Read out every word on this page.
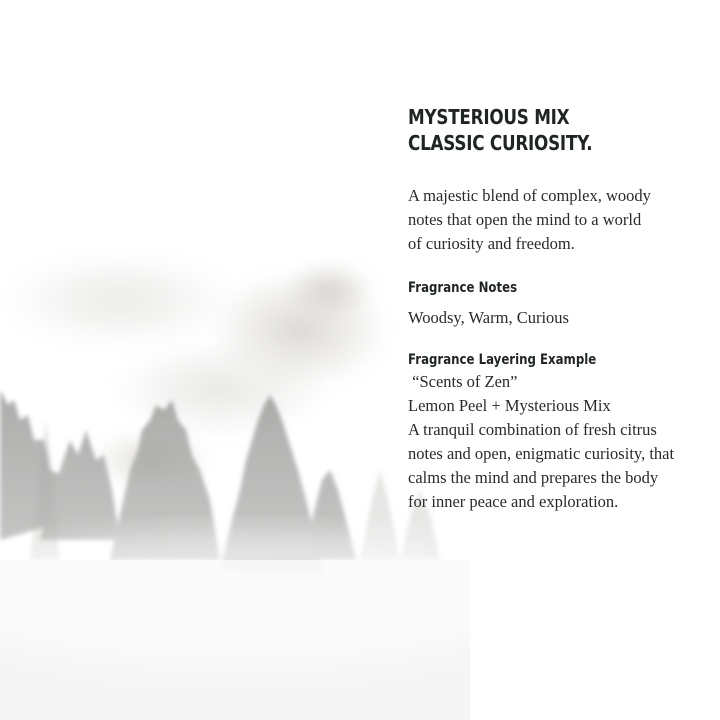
MYSTERIOUS MIX
CLASSIC CURIOSITY.

A majestic blend of complex, woody
notes that open the mind to a world
of curiosity and freedom.

Fragrance Notes

Woodsy, Warm, Curious

Fragrance Layering Example

“Scents of Zen”
Lemon Peel + Mysterious Mix
A tranquil combination of fresh citrus
notes and open, enigmatic curiosity, that
calms the mind and prepares the body
for inner peace and exploration.
